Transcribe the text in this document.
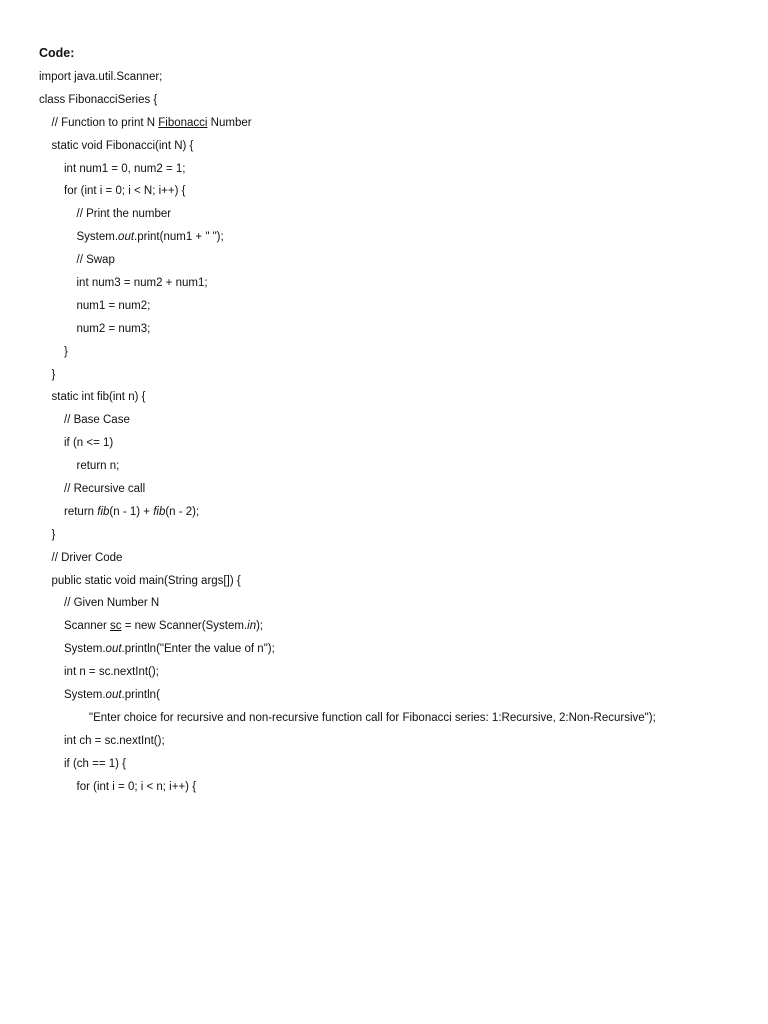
Code:
import java.util.Scanner;
class FibonacciSeries {
// Function to print N Fibonacci Number
static void Fibonacci(int N) {
int num1 = 0, num2 = 1;
for (int i = 0; i < N; i++) {
// Print the number
System.out.print(num1 + " ");
// Swap
int num3 = num2 + num1;
num1 = num2;
num2 = num3;
}
}
static int fib(int n) {
// Base Case
if (n <= 1)
return n;
// Recursive call
return fib(n - 1) + fib(n - 2);
}
// Driver Code
public static void main(String args[]) {
// Given Number N
Scanner sc = new Scanner(System.in);
System.out.println("Enter the value of n");
int n = sc.nextInt();
System.out.println(
"Enter choice for recursive and non-recursive function call for Fibonacci series: 1:Recursive, 2:Non-Recursive");
int ch = sc.nextInt();
if (ch == 1) {
for (int i = 0; i < n; i++) {
